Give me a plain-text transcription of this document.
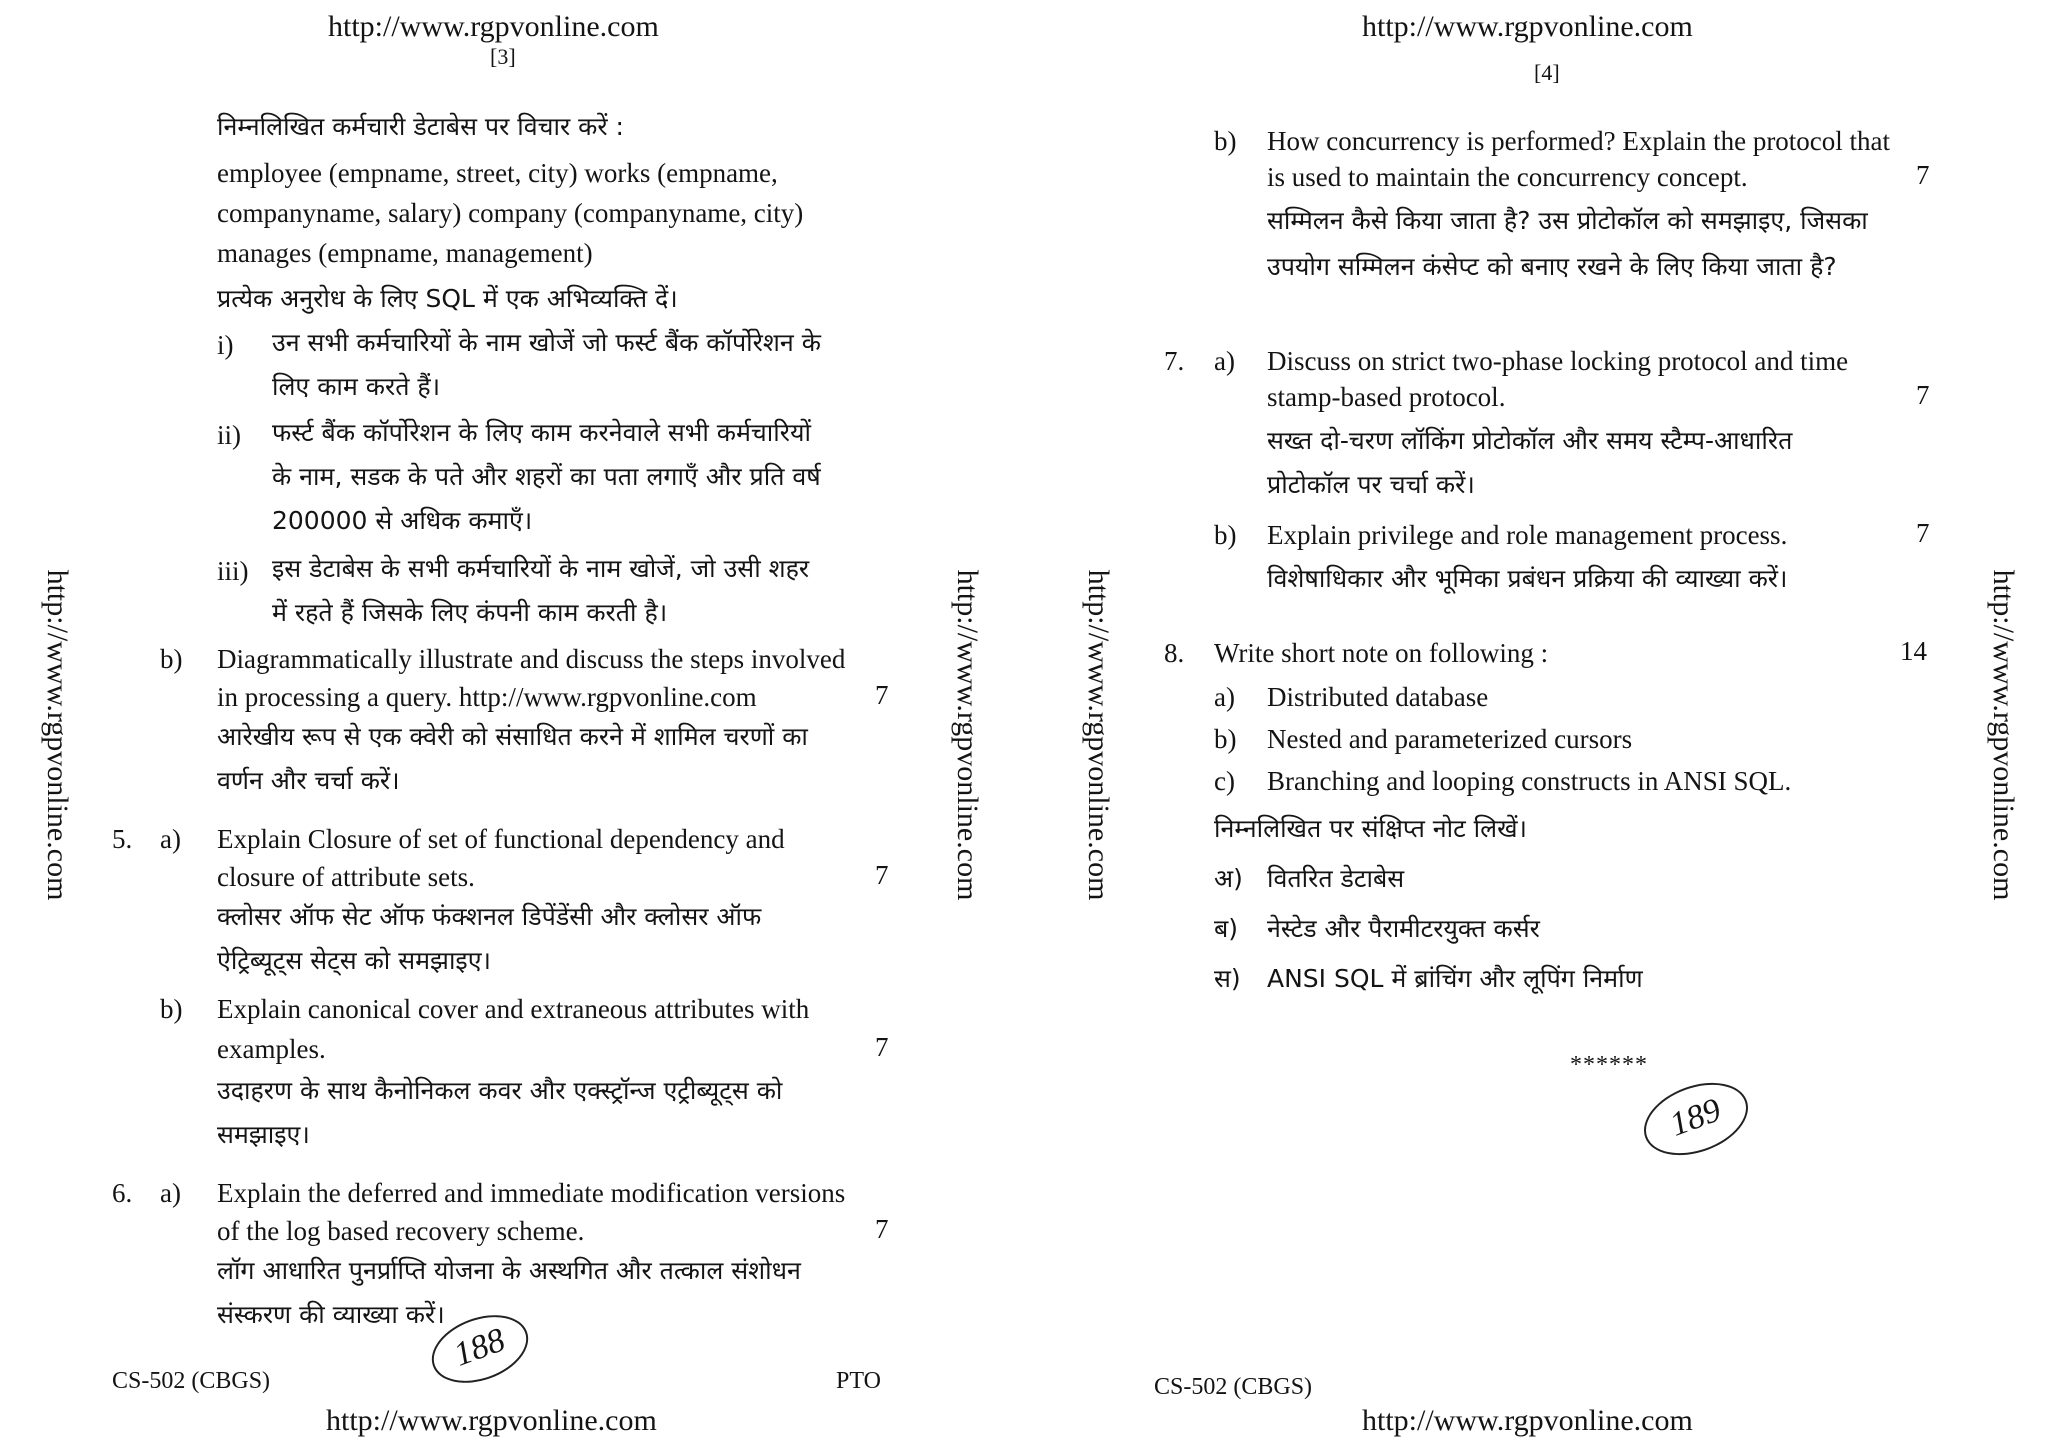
http://www.rgpvonline.com
[3]
http://www.rgpvonline.com	http://www.rgpvonline.com
निम्नलिखित कर्मचारी डेटाबेस पर विचार करें :
employee (empname, street, city) works (empname,
companyname, salary) company (companyname, city)
manages (empname, management)
प्रत्येक अनुरोध के लिए SQL में एक अभिव्यक्ति दें।
i) उन सभी कर्मचारियों के नाम खोजें जो फर्स्ट बैंक कॉर्पोरेशन के
लिए काम करते हैं।
ii) फर्स्ट बैंक कॉर्पोरेशन के लिए काम करनेवाले सभी कर्मचारियों
के नाम, सडक के पते और शहरों का पता लगाएँ और प्रति वर्ष
200000 से अधिक कमाएँ।
iii) इस डेटाबेस के सभी कर्मचारियों के नाम खोजें, जो उसी शहर
में रहते हैं जिसके लिए कंपनी काम करती है।
b) Diagrammatically illustrate and discuss the steps involved
in processing a query. http://www.rgpvonline.com	7
आरेखीय रूप से एक क्वेरी को संसाधित करने में शामिल चरणों का
वर्णन और चर्चा करें।
5. a) Explain Closure of set of functional dependency and
closure of attribute sets.	7
क्लोसर ऑफ सेट ऑफ फंक्शनल डिपेंडेंसी और क्लोसर ऑफ
ऐट्रिब्यूट्स सेट्स को समझाइए।
b) Explain canonical cover and extraneous attributes with
examples.	7
उदाहरण के साथ कैनोनिकल कवर और एक्स्ट्रॉन्ज एट्रीब्यूट्स को
समझाइए।
6. a) Explain the deferred and immediate modification versions
of the log based recovery scheme.	7
लॉग आधारित पुनर्प्राप्ति योजना के अस्थगित और तत्काल संशोधन
संस्करण की व्याख्या करें।
188
CS-502 (CBGS)	PTO
http://www.rgpvonline.com
http://www.rgpvonline.com
[4]
http://www.rgpvonline.com	http://www.rgpvonline.com
b) How concurrency is performed? Explain the protocol that
is used to maintain the concurrency concept.	7
सम्मिलन कैसे किया जाता है? उस प्रोटोकॉल को समझाइए, जिसका
उपयोग सम्मिलन कंसेप्ट को बनाए रखने के लिए किया जाता है?
7. a) Discuss on strict two-phase locking protocol and time
stamp-based protocol.	7
सख्त दो-चरण लॉकिंग प्रोटोकॉल और समय स्टैम्प-आधारित
प्रोटोकॉल पर चर्चा करें।
b) Explain privilege and role management process.	7
विशेषाधिकार और भूमिका प्रबंधन प्रक्रिया की व्याख्या करें।
8. Write short note on following :	14
a) Distributed database
b) Nested and parameterized cursors
c) Branching and looping constructs in ANSI SQL.
निम्नलिखित पर संक्षिप्त नोट लिखें।
अ) वितरित डेटाबेस
ब) नेस्टेड और पैरामीटरयुक्त कर्सर
स) ANSI SQL में ब्रांचिंग और लूपिंग निर्माण
******
189
CS-502 (CBGS)
http://www.rgpvonline.com
